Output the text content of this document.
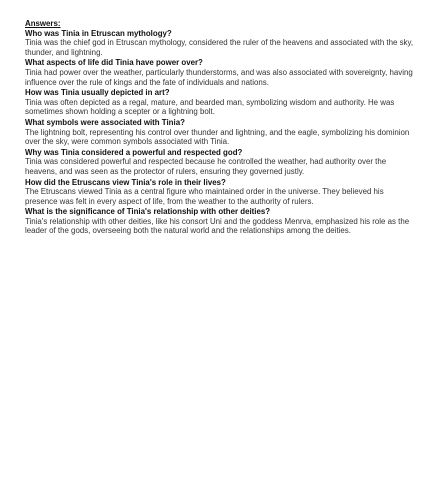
Answers:
Who was Tinia in Etruscan mythology?
Tinia was the chief god in Etruscan mythology, considered the ruler of the heavens and associated with the sky, thunder, and lightning.
What aspects of life did Tinia have power over?
Tinia had power over the weather, particularly thunderstorms, and was also associated with sovereignty, having influence over the rule of kings and the fate of individuals and nations.
How was Tinia usually depicted in art?
Tinia was often depicted as a regal, mature, and bearded man, symbolizing wisdom and authority. He was sometimes shown holding a scepter or a lightning bolt.
What symbols were associated with Tinia?
The lightning bolt, representing his control over thunder and lightning, and the eagle, symbolizing his dominion over the sky, were common symbols associated with Tinia.
Why was Tinia considered a powerful and respected god?
Tinia was considered powerful and respected because he controlled the weather, had authority over the heavens, and was seen as the protector of rulers, ensuring they governed justly.
How did the Etruscans view Tinia's role in their lives?
The Etruscans viewed Tinia as a central figure who maintained order in the universe. They believed his presence was felt in every aspect of life, from the weather to the authority of rulers.
What is the significance of Tinia's relationship with other deities?
Tinia's relationship with other deities, like his consort Uni and the goddess Menrva, emphasized his role as the leader of the gods, overseeing both the natural world and the relationships among the deities.
